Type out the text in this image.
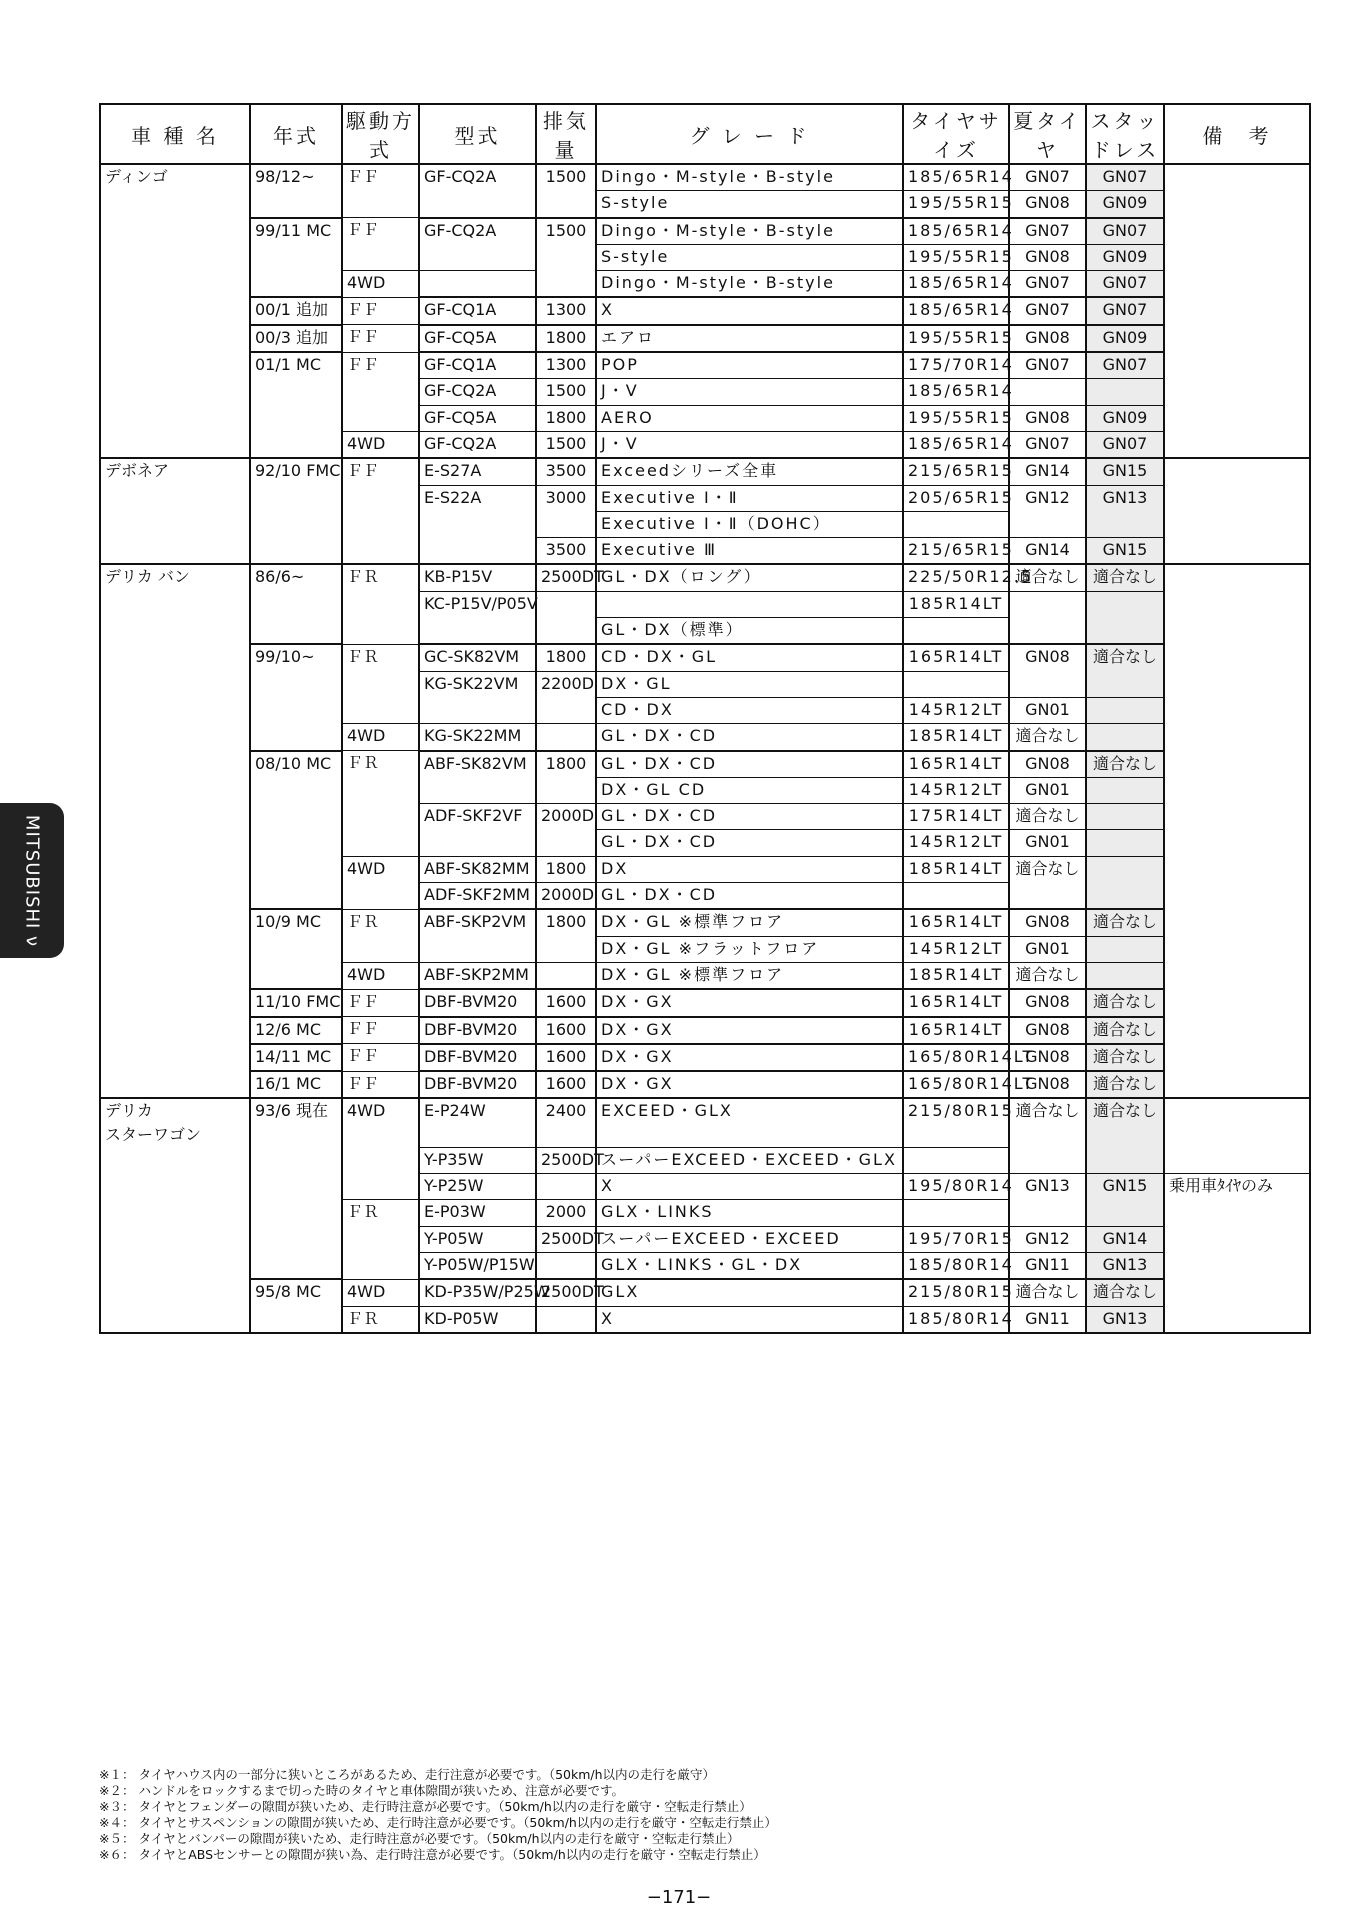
MITSUBISHI ν
車 種 名	年式	駆動方式	型式	排気量	グ レ ー ド	タイヤサイズ	夏タイヤ	スタッドレス	備　考
ディンゴ	98/12~	ＦＦ	GF-CQ2A	1500	Dingo・M-style・B-style	185/65R14	GN07	GN07	
					S-style	195/55R15	GN08	GN09	
	99/11 MC	ＦＦ	GF-CQ2A	1500	Dingo・M-style・B-style	185/65R14	GN07	GN07	
					S-style	195/55R15	GN08	GN09	
		4WD			Dingo・M-style・B-style	185/65R14	GN07	GN07	
	00/1 追加	ＦＦ	GF-CQ1A	1300	X	185/65R14	GN07	GN07	
	00/3 追加	ＦＦ	GF-CQ5A	1800	エアロ	195/55R15	GN08	GN09	
	01/1 MC	ＦＦ	GF-CQ1A	1300	POP	175/70R14	GN07	GN07	
			GF-CQ2A	1500	J・V	185/65R14			
			GF-CQ5A	1800	AERO	195/55R15	GN08	GN09	
		4WD	GF-CQ2A	1500	J・V	185/65R14	GN07	GN07	
デボネア	92/10 FMC	ＦＦ	E-S27A	3500	Exceedシリーズ全車	215/65R15	GN14	GN15	
			E-S22A	3000	Executive Ⅰ・Ⅱ	205/65R15	GN12	GN13	
					Executive Ⅰ・Ⅱ（DOHC）				
				3500	Executive Ⅲ	215/65R15	GN14	GN15	
デリカ バン	86/6~	ＦＲ	KB-P15V	2500DT	GL・DX（ロング）	225/50R12.5	適合なし	適合なし	
			KC-P15V/P05V			185R14LT			
					GL・DX（標準）				
	99/10~	ＦＲ	GC-SK82VM	1800	CD・DX・GL	165R14LT	GN08	適合なし	
			KG-SK22VM	2200D	DX・GL				
					CD・DX	145R12LT	GN01		
		4WD	KG-SK22MM		GL・DX・CD	185R14LT	適合なし		
	08/10 MC	ＦＲ	ABF-SK82VM	1800	GL・DX・CD	165R14LT	GN08	適合なし	
					DX・GL CD	145R12LT	GN01		
			ADF-SKF2VF	2000D	GL・DX・CD	175R14LT	適合なし		
					GL・DX・CD	145R12LT	GN01		
		4WD	ABF-SK82MM	1800	DX	185R14LT	適合なし		
			ADF-SKF2MM	2000D	GL・DX・CD				
	10/9 MC	ＦＲ	ABF-SKP2VM	1800	DX・GL ※標準フロア	165R14LT	GN08	適合なし	
					DX・GL ※フラットフロア	145R12LT	GN01		
		4WD	ABF-SKP2MM		DX・GL ※標準フロア	185R14LT	適合なし		
	11/10 FMC	ＦＦ	DBF-BVM20	1600	DX・GX	165R14LT	GN08	適合なし	
	12/6 MC	ＦＦ	DBF-BVM20	1600	DX・GX	165R14LT	GN08	適合なし	
	14/11 MC	ＦＦ	DBF-BVM20	1600	DX・GX	165/80R14LT	GN08	適合なし	
	16/1 MC	ＦＦ	DBF-BVM20	1600	DX・GX	165/80R14LT	GN08	適合なし	
デリカ
スターワゴン	93/6 現在	4WD	E-P24W	2400	EXCEED・GLX	215/80R15	適合なし	適合なし	
			Y-P35W	2500DT	スーパーEXCEED・EXCEED・GLX				
			Y-P25W		X	195/80R14	GN13	GN15	乗用車ﾀｲﾔのみ
		ＦＲ	E-P03W	2000	GLX・LINKS				
			Y-P05W	2500DT	スーパーEXCEED・EXCEED	195/70R15	GN12	GN14	
			Y-P05W/P15W		GLX・LINKS・GL・DX	185/80R14	GN11	GN13	
	95/8 MC	4WD	KD-P35W/P25W	2500DT	GLX	215/80R15	適合なし	適合なし	
		ＦＲ	KD-P05W		X	185/80R14	GN11	GN13	
※１： タイヤハウス内の一部分に狭いところがあるため、走行注意が必要です。（50km/h以内の走行を厳守）
※２： ハンドルをロックするまで切った時のタイヤと車体隙間が狭いため、注意が必要です。
※３： タイヤとフェンダーの隙間が狭いため、走行時注意が必要です。（50km/h以内の走行を厳守・空転走行禁止）
※４： タイヤとサスペンションの隙間が狭いため、走行時注意が必要です。（50km/h以内の走行を厳守・空転走行禁止）
※５： タイヤとバンパーの隙間が狭いため、走行時注意が必要です。（50km/h以内の走行を厳守・空転走行禁止）
※６： タイヤとABSセンサーとの隙間が狭い為、走行時注意が必要です。（50km/h以内の走行を厳守・空転走行禁止）
−171−
